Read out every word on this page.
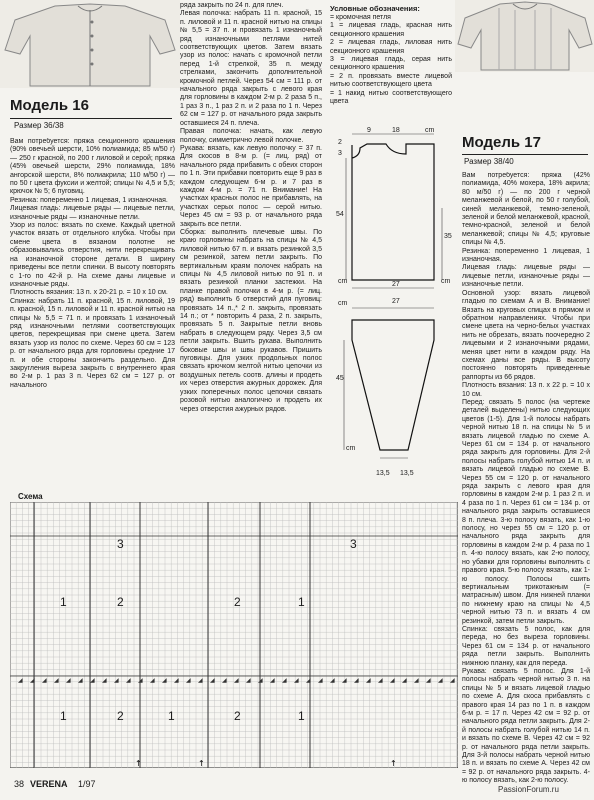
Модель 16
Размер 36/38
Вам потребуется: пряжа секционного крашения (90% овечьей шерсти, 10% полиамида; 85 м/50 г) — 250 г красной, по 200 г лиловой и серой; пряжа (45% овечьей шерсти, 29% полиамида, 18% ангорской шерсти, 8% полиакрила; 110 м/50 г) — по 50 г цвета фуксии и желтой; спицы № 4,5 и 5,5; крючок № 5; 6 пуговиц.
Резинка: попеременно 1 лицевая, 1 изнаночная.
Лицевая гладь: лицевые ряды — лицевые петли, изнаночные ряды — изнаночные петли.
Узор из полос: вязать по схеме. Каждый цветной участок вязать от отдельного клубка. Чтобы при смене цвета в вязаном полотне не образовывались отверстия, нити перекрещивать на изнаночной стороне детали. В ширину приведены все петли спинки. В высоту повторять с 1-го по 42-й р. На схеме даны лицевые и изнаночные ряды.
Плотность вязания: 13 п. x 20-21 р. = 10 х 10 см.
Спинка: набрать 11 п. красной, 15 п. лиловой, 19 п. красной, 15 п. лиловой и 11 п. красной нитью на спицы № 5,5 = 71 п. и провязать 1 изнаночный ряд изнаночными петлями соответствующих цветов, перекрещивая при смене цвета. Затем вязать узор из полос по схеме. Через 60 см = 123 р. от начального ряда для горловины средние 17 п. и обе стороны закончить раздельно. Для закругления выреза закрыть с внутреннего края во 2-м р. 1 раз 3 п. Через 62 см = 127 р. от начального
ряда закрыть по 24 п. для плеч.
Левая полочка: набрать 11 п. красной, 15 п. лиловой и 11 п. красной нитью на спицы № 5,5 = 37 п. и провязать 1 изнаночный ряд изнаночными петлями нитей соответствующих цветов. Затем вязать узор из полос: начать с кромочной петли перед 1-й стрелкой, 35 п. между стрелками, закончить дополнительной кромочной петлей. Через 54 см = 111 р. от начального ряда закрыть с левого края для горловины в каждом 2-м р. 2 раза 5 п., 1 раз 3 п., 1 раз 2 п. и 2 раза по 1 п. Через 62 см = 127 р. от начального ряда закрыть оставшиеся 24 п. плеча.
Правая полочка: начать, как левую полочку, симметрично левой полочке.
Рукава: вязать, как левую полочку = 37 п. Для скосов в 8-м р. (= лиц. ряд) от начального ряда прибавить с обеих сторон по 1 п. Эти прибавки повторить еще 9 раз в каждом следующем 6-м р. и 7 раз в каждом 4-м р. = 71 п. Внимание! На участках красных полос не прибавлять, на участках серых полос — серой нитью. Через 45 см = 93 р. от начального ряда закрыть все петли.
Сборка: выполнить плечевые швы. По краю горловины набрать на спицы № 4,5 лиловой нитью 67 п. и вязать резинкой 3,5 см резинкой, затем петли закрыть. По вертикальным краям полочек набрать на спицы № 4,5 лиловой нитью по 91 п. и вязать резинкой планки застежки. На планке правой полочки в 4-м р. (= лиц. ряд) выполнить 6 отверстий для пуговиц: провязать 14 п.,* 2 п. закрыть, провязать 14 п.; от * повторить 4 раза, 2 п. закрыть, провязать 5 п. Закрытые петли вновь набрать в следующем ряду. Через 3,5 см петли закрыть. Вшить рукава. Выполнить боковые швы и швы рукавов. Пришить пуговицы. Для узких продольных полос связать крючком желтой нитью цепочки из воздушных петель соотв. длины и продеть их через отверстия ажурных дорожек. Для узких поперечных полос цепочки связать розовой нитью аналогично и продеть их через отверстия ажурных рядов.
Условные обозначения:
= кромочная петля
1 = лицевая гладь, красная нить секционного крашения
2 = лицевая гладь, лиловая нить секционного крашения
3 = лицевая гладь, серая нить секционного крашения
= 2 п. провязать вместе лицевой нитью соответствующего цвета
= 1 накид нитью соответствующего цвета
9	18	cm
2
3
54
35
cm	27	cm
cm	27
45
cm
13,5 13,5
Модель 17
Размер 38/40
Вам потребуется: пряжа (42% полиамида, 40% мохера, 18% акрила; 80 м/50 г) — по 200 г черной меланжевой и белой, по 50 г голубой, синей меланжевой, темно-зеленой, зеленой и белой меланжевой, красной, темно-красной, зеленой и белой меланжевой; спицы № 4,5; круговые спицы № 4,5.
Резинка: попеременно 1 лицевая, 1 изнаночная.
Лицевая гладь: лицевые ряды — лицевые петли, изнаночные ряды — изнаночные петли.
Основной узор: вязать лицевой гладью по схемам А и В. Внимание! Вязать на круговых спицах в прямом и обратном направлениях. Чтобы при смене цвета на черно-белых участках нить не обрезать, вязать поочередно 2 лицевыми и 2 изнаночными рядами, меняя цвет нити в каждом ряду. На схемах даны все ряды. В высоту постоянно повторять приведенные раппорты из 66 рядов.
Плотность вязания: 13 п. x 22 р. = 10 х 10 см.
Перед: связать 5 полос (на чертеже деталей выделены) нитью следующих цветов (1-5). Для 1-й полосы набрать черной нитью 18 п. на спицы № 5 и вязать лицевой гладью по схеме А. Через 61 см = 134 р. от начального ряда закрыть для горловины. Для 2-й полосы набрать голубой нитью 14 п. и вязать лицевой гладью по схеме В. Через 55 см = 120 р. от начального ряда закрыть с левого края для горловины в каждом 2-м р. 1 раз 2 п. и 4 раза по 1 п. Через 61 см = 134 р. от начального ряда закрыть оставшиеся 8 п. плеча. 3-ю полосу вязать, как 1-ю полосу, но через 55 см = 120 р. от начального ряда закрыть для горловины в каждом 2-м р. 4 раза по 1 п. 4-ю полосу вязать, как 2-ю полосу, но убавки для горловины выполнить с правого края. 5-ю полосу вязать, как 1-ю полосу. Полосы сшить вертикальным трикотажным (= матрасным) швом. Для нижней планки по нижнему краю на спицы № 4,5 черной нитью 73 п. и вязать 4 см резинкой, затем петли закрыть.
Спинка: связать 5 полос, как для переда, но без выреза горловины. Через 61 см = 134 р. от начального ряда петли закрыть. Выполнить нижнюю планку, как для переда.
Рукава: связать 5 полос. Для 1-й полосы набрать черной нитью 3 п. на спицы № 5 и вязать лицевой гладью по схеме А. Для скоса прибавлять с правого края 14 раз по 1 п. в каждом 6-м р. = 17 п. Через 42 см = 92 р. от начального ряда петли закрыть. Для 2-й полосы набрать голубой нитью 14 п. и вязать по схеме В. Через 42 см = 92 р. от начального ряда петли закрыть. Для 3-й полосы набрать черной нитью 18 п. и вязать по схеме А. Через 42 см = 92 р. от начального ряда закрыть. 4-ю полосу вязать, как 2-ю полосу.
Схема
◢ ◢ ◢ ◢ ◢ ◢ ◢ ◢ ◢ ◢ ◢ ◢ ◢ ◢ ◢ ◢ ◢ ◢ ◢ ◢ ◢ ◢ ◢ ◢ ◢ ◢ ◢ ◢ ◢ ◢ ◢ ◢ ◢ ◢ ◢ ◢ ◢
↑	↑	↑
3
2
1	2	1
1	2	1	2	1
3
38 VERENA 1/97
PassionForum.ru
